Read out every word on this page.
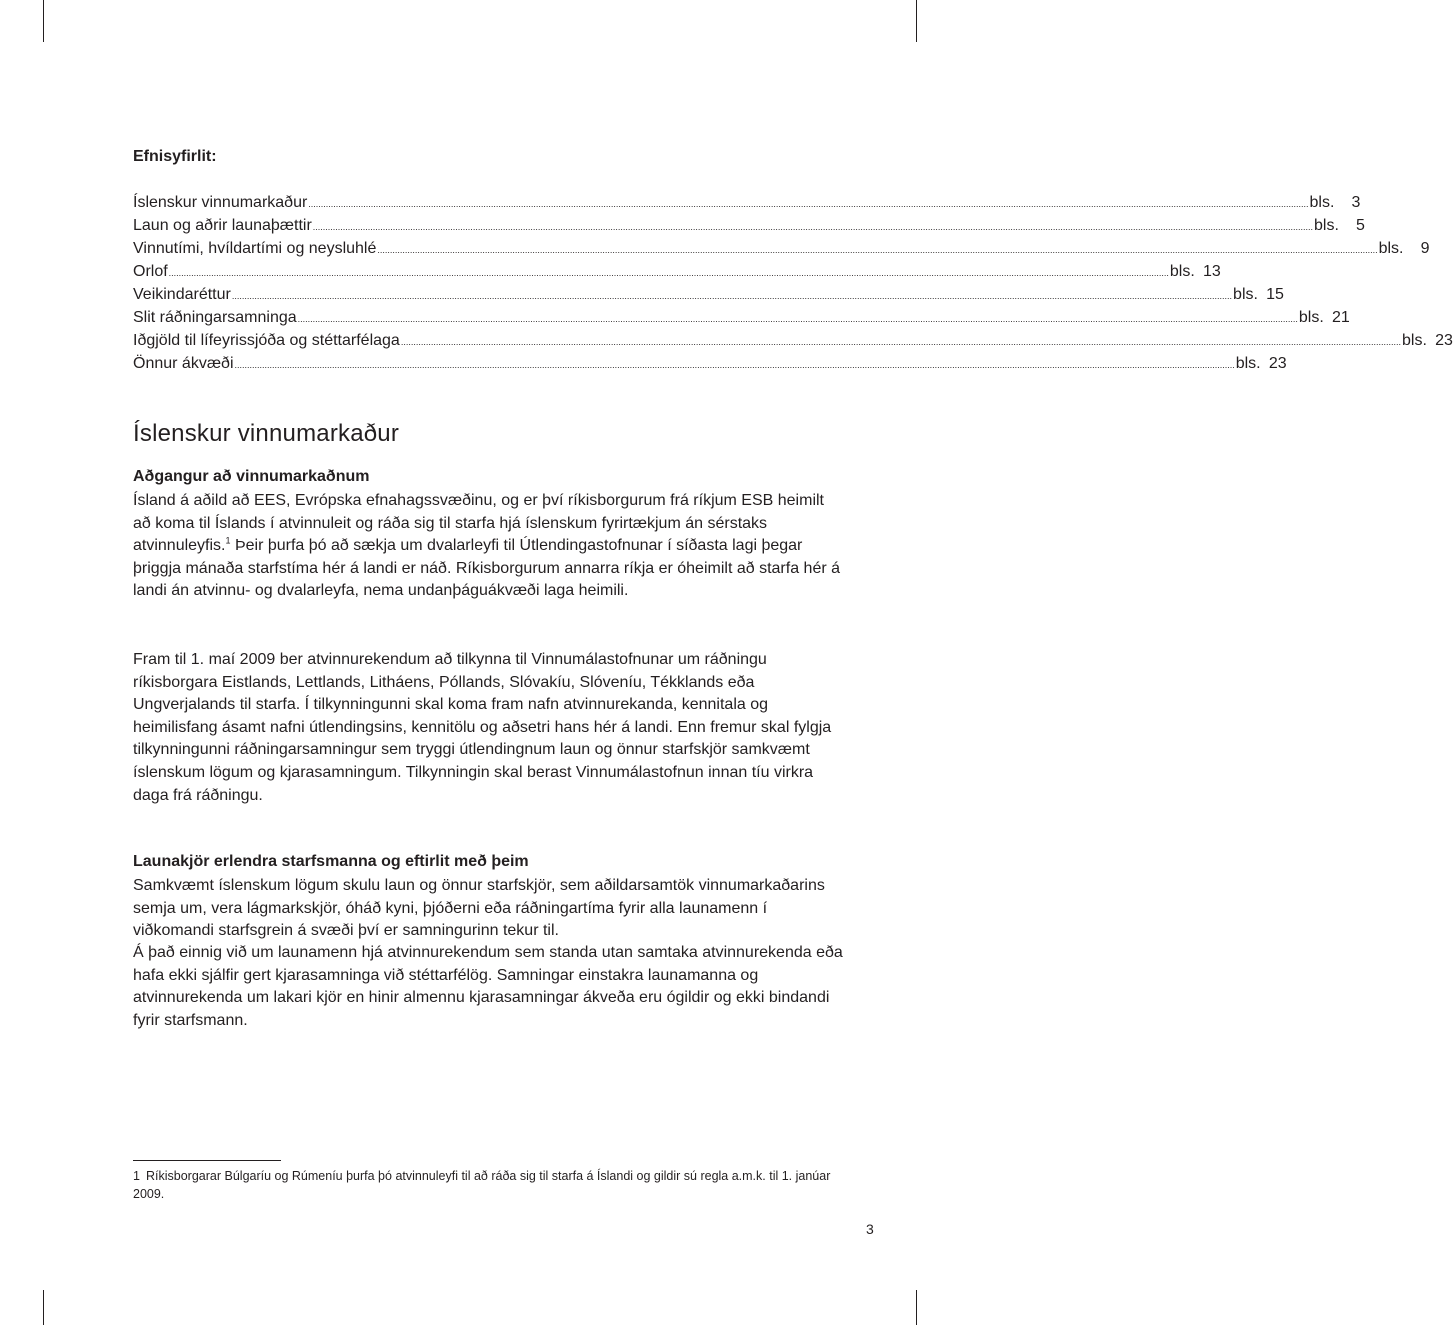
Efnisyfirlit:
Íslenskur vinnumarkaður ................................................................................................................................................................................................................................................................................................................................................................................................................ bls.	3
Laun og aðrir launaþættir ................................................................................................................................................................................................................................................................................................................................................................................................................ bls.	5
Vinnutími, hvíldartími og neysluhlé ................................................................................................................................................................................................................................................................................................................................................................................................................ bls.	9
Orlof ................................................................................................................................................................................................................................................................................................................................................................................................................ bls. 13
Veikindaréttur ................................................................................................................................................................................................................................................................................................................................................................................................................ bls. 15
Slit ráðningarsamninga ................................................................................................................................................................................................................................................................................................................................................................................................................ bls. 21
Iðgjöld til lífeyrissjóða og stéttarfélaga ................................................................................................................................................................................................................................................................................................................................................................................................................ bls. 23
Önnur ákvæði ................................................................................................................................................................................................................................................................................................................................................................................................................ bls. 23
Íslenskur vinnumarkaður
Aðgangur að vinnumarkaðnum

Ísland á aðild að EES, Evrópska efnahagssvæðinu, og er því ríkisborgurum frá ríkjum ESB heimilt að koma til Íslands í atvinnuleit og ráða sig til starfa hjá íslenskum fyrirtækjum án sérstaks atvinnuleyfis.$^1$ Þeir þurfa þó að sækja um dvalarleyfi til Útlendingastofnunar í síðasta lagi þegar þriggja mánaða starfstíma hér á landi er náð. Ríkisborgurum annarra ríkja er óheimilt að starfa hér á landi án atvinnu- og dvalarleyfa, nema undanþáguákvæði laga heimili.

Fram til 1. maí 2009 ber atvinnurekendum að tilkynna til Vinnumálastofnunar um ráðningu ríkisborgara Eistlands, Lettlands, Litháens, Póllands, Slóvakíu, Slóveníu, Tékklands eða Ungverjalands til starfa. Í tilkynningunni skal koma fram nafn atvinnurekanda, kennitala og heimilisfang ásamt nafni útlendingsins, kennitölu og aðsetri hans hér á landi. Enn fremur skal fylgja tilkynningunni ráðningarsamningur sem tryggi útlendingnum laun og önnur starfskjör samkvæmt íslenskum lögum og kjarasamningum. Tilkynningin skal berast Vinnumálastofnun innan tíu virkra daga frá ráðningu.

Launakjör erlendra starfsmanna og eftirlit með þeim

Samkvæmt íslenskum lögum skulu laun og önnur starfskjör, sem aðildarsamtök vinnumarkaðarins semja um, vera lágmarkskjör, óháð kyni, þjóðerni eða ráðningartíma fyrir alla launamenn í viðkomandi starfsgrein á svæði því er samningurinn tekur til.

Á það einnig við um launamenn hjá atvinnurekendum sem standa utan samtaka atvinnurekenda eða hafa ekki sjálfir gert kjarasamninga við stéttarfélög. Samningar einstakra launamanna og atvinnurekenda um lakari kjör en hinir almennu kjarasamningar ákveða eru ógildir og ekki bindandi fyrir starfsmann.

1 Ríkisborgarar Búlgaríu og Rúmeníu þurfa þó atvinnuleyfi til að ráða sig til starfa á Íslandi og gildir sú regla a.m.k. til 1. janúar 2009.
3
